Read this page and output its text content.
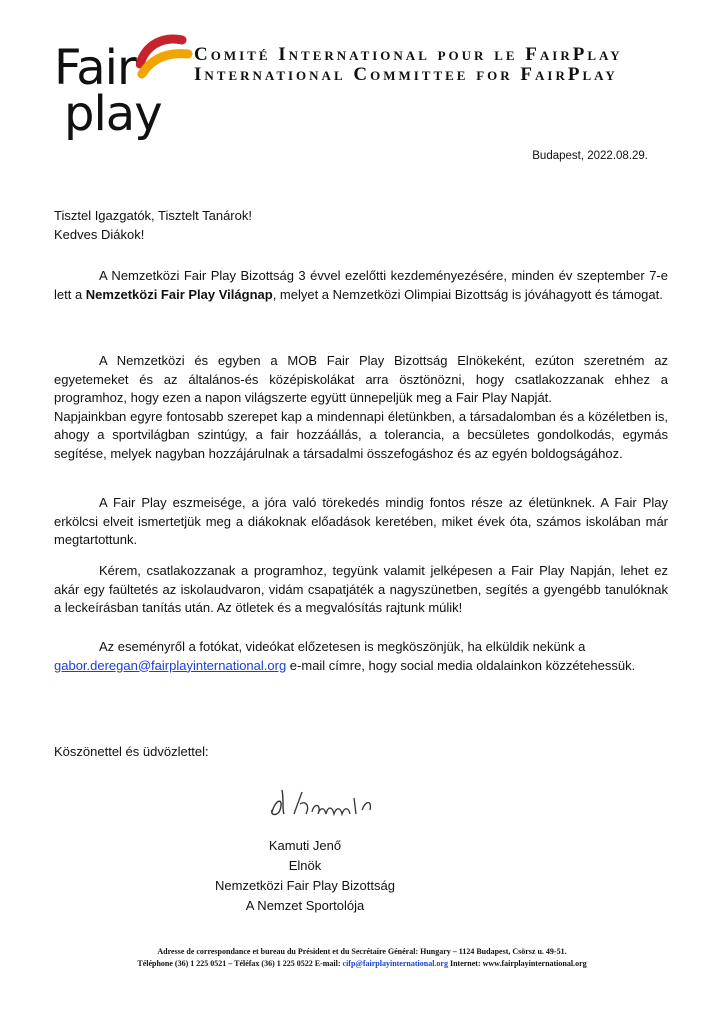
Fair
play
Comité International pour le FairPlay
International Committee for FairPlay
Budapest, 2022.08.29.
Tisztel Igazgatók, Tisztelt Tanárok!
Kedves Diákok!

A Nemzetközi Fair Play Bizottság 3 évvel ezelőtti kezdeményezésére, minden év szeptember 7-e lett a Nemzetközi Fair Play Világnap, melyet a Nemzetközi Olimpiai Bizottság is jóváhagyott és támogat.

A Nemzetközi és egyben a MOB Fair Play Bizottság Elnökeként, ezúton szeretném az egyetemeket és az általános-és középiskolákat arra ösztönözni, hogy csatlakozzanak ehhez a programhoz, hogy ezen a napon világszerte együtt ünnepeljük meg a Fair Play Napját.

Napjainkban egyre fontosabb szerepet kap a mindennapi életünkben, a társadalomban és a közéletben is, ahogy a sportvilágban szintúgy, a fair hozzáállás, a tolerancia, a becsületes gondolkodás, egymás segítése, melyek nagyban hozzájárulnak a társadalmi összefogáshoz és az egyén boldogságához.

A Fair Play eszmeisége, a jóra való törekedés mindig fontos része az életünknek. A Fair Play erkölcsi elveit ismertetjük meg a diákoknak előadások keretében, miket évek óta, számos iskolában már megtartottunk.

Kérem, csatlakozzanak a programhoz, tegyünk valamit jelképesen a Fair Play Napján, lehet ez akár egy faültetés az iskolaudvaron, vidám csapatjáték a nagyszünetben, segítés a gyengébb tanulóknak a leckeírásban tanítás után. Az ötletek és a megvalósítás rajtunk múlik!

Az eseményről a fotókat, videókat előzetesen is megköszönjük, ha elküldik nekünk a
gabor.deregan@fairplayinternational.org e-mail címre, hogy social media oldalainkon közzétehessük.

Köszönettel és üdvözlettel:
Kamuti Jenő
Elnök
Nemzetközi Fair Play Bizottság
A Nemzet Sportolója
Adresse de correspondance et bureau du Président et du Secrétaire Général: Hungary – 1124 Budapest, Csörsz u. 49-51.
Téléphone (36) 1 225 0521 – Téléfax (36) 1 225 0522 E-mail: cifp@fairplayinternational.org Internet: www.fairplayinternational.org
